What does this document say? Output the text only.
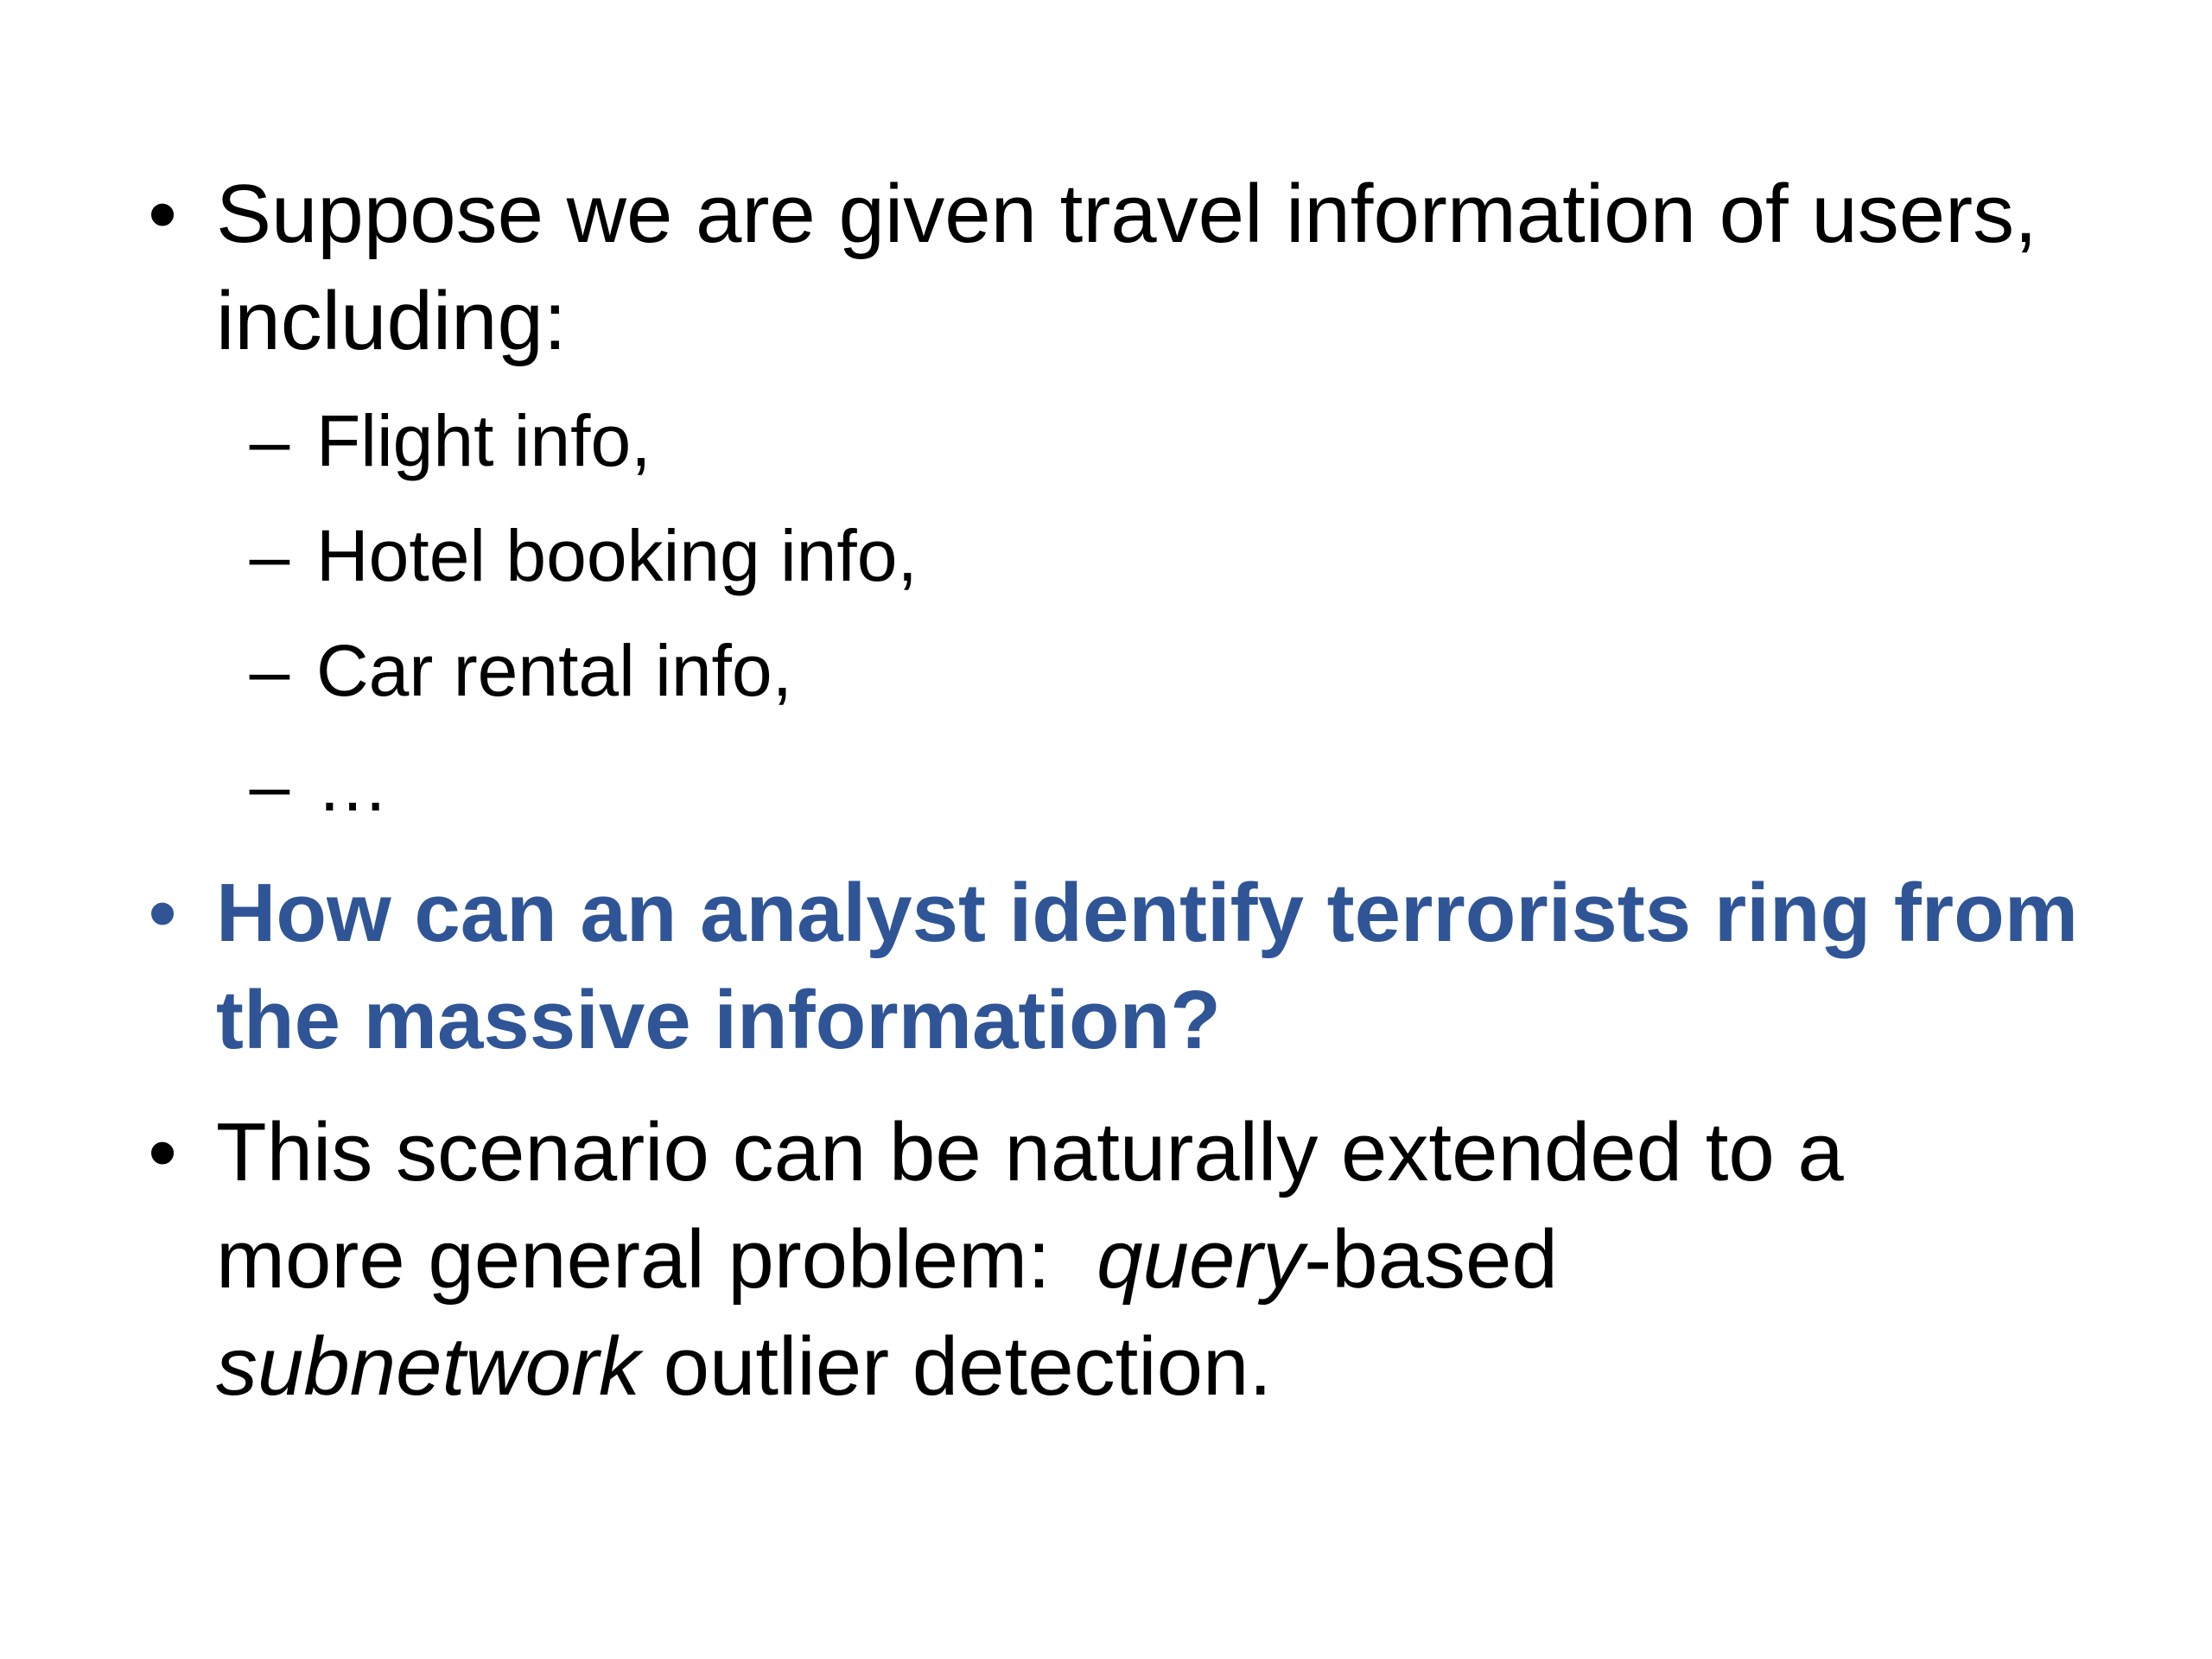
• Suppose we are given travel information of users, including:
– Flight info,
– Hotel booking info,
– Car rental info,
– …
• How can an analyst identify terrorists ring from the massive information?
• This scenario can be naturally extended to a
more general problem:  query-based
subnetwork outlier detection.
